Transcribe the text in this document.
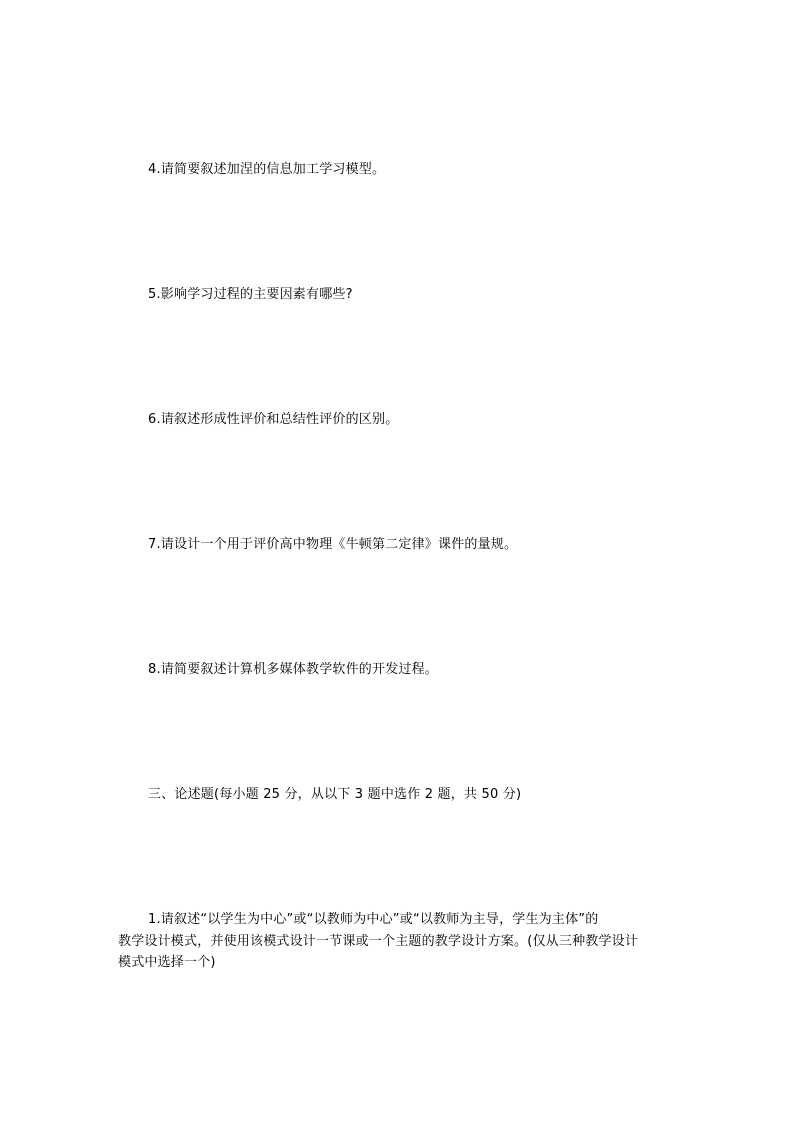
4.请简要叙述加涅的信息加工学习模型。
5.影响学习过程的主要因素有哪些?
6.请叙述形成性评价和总结性评价的区别。
7.请设计一个用于评价高中物理《牛顿第二定律》课件的量规。
8.请简要叙述计算机多媒体教学软件的开发过程。
三、论述题(每小题 25 分，从以下 3 题中选作 2 题，共 50 分)
1.请叙述“以学生为中心”或“以教师为中心”或“以教师为主导，学生为主体”的
教学设计模式，并使用该模式设计一节课或一个主题的教学设计方案。(仅从三种教学设计
模式中选择一个)
